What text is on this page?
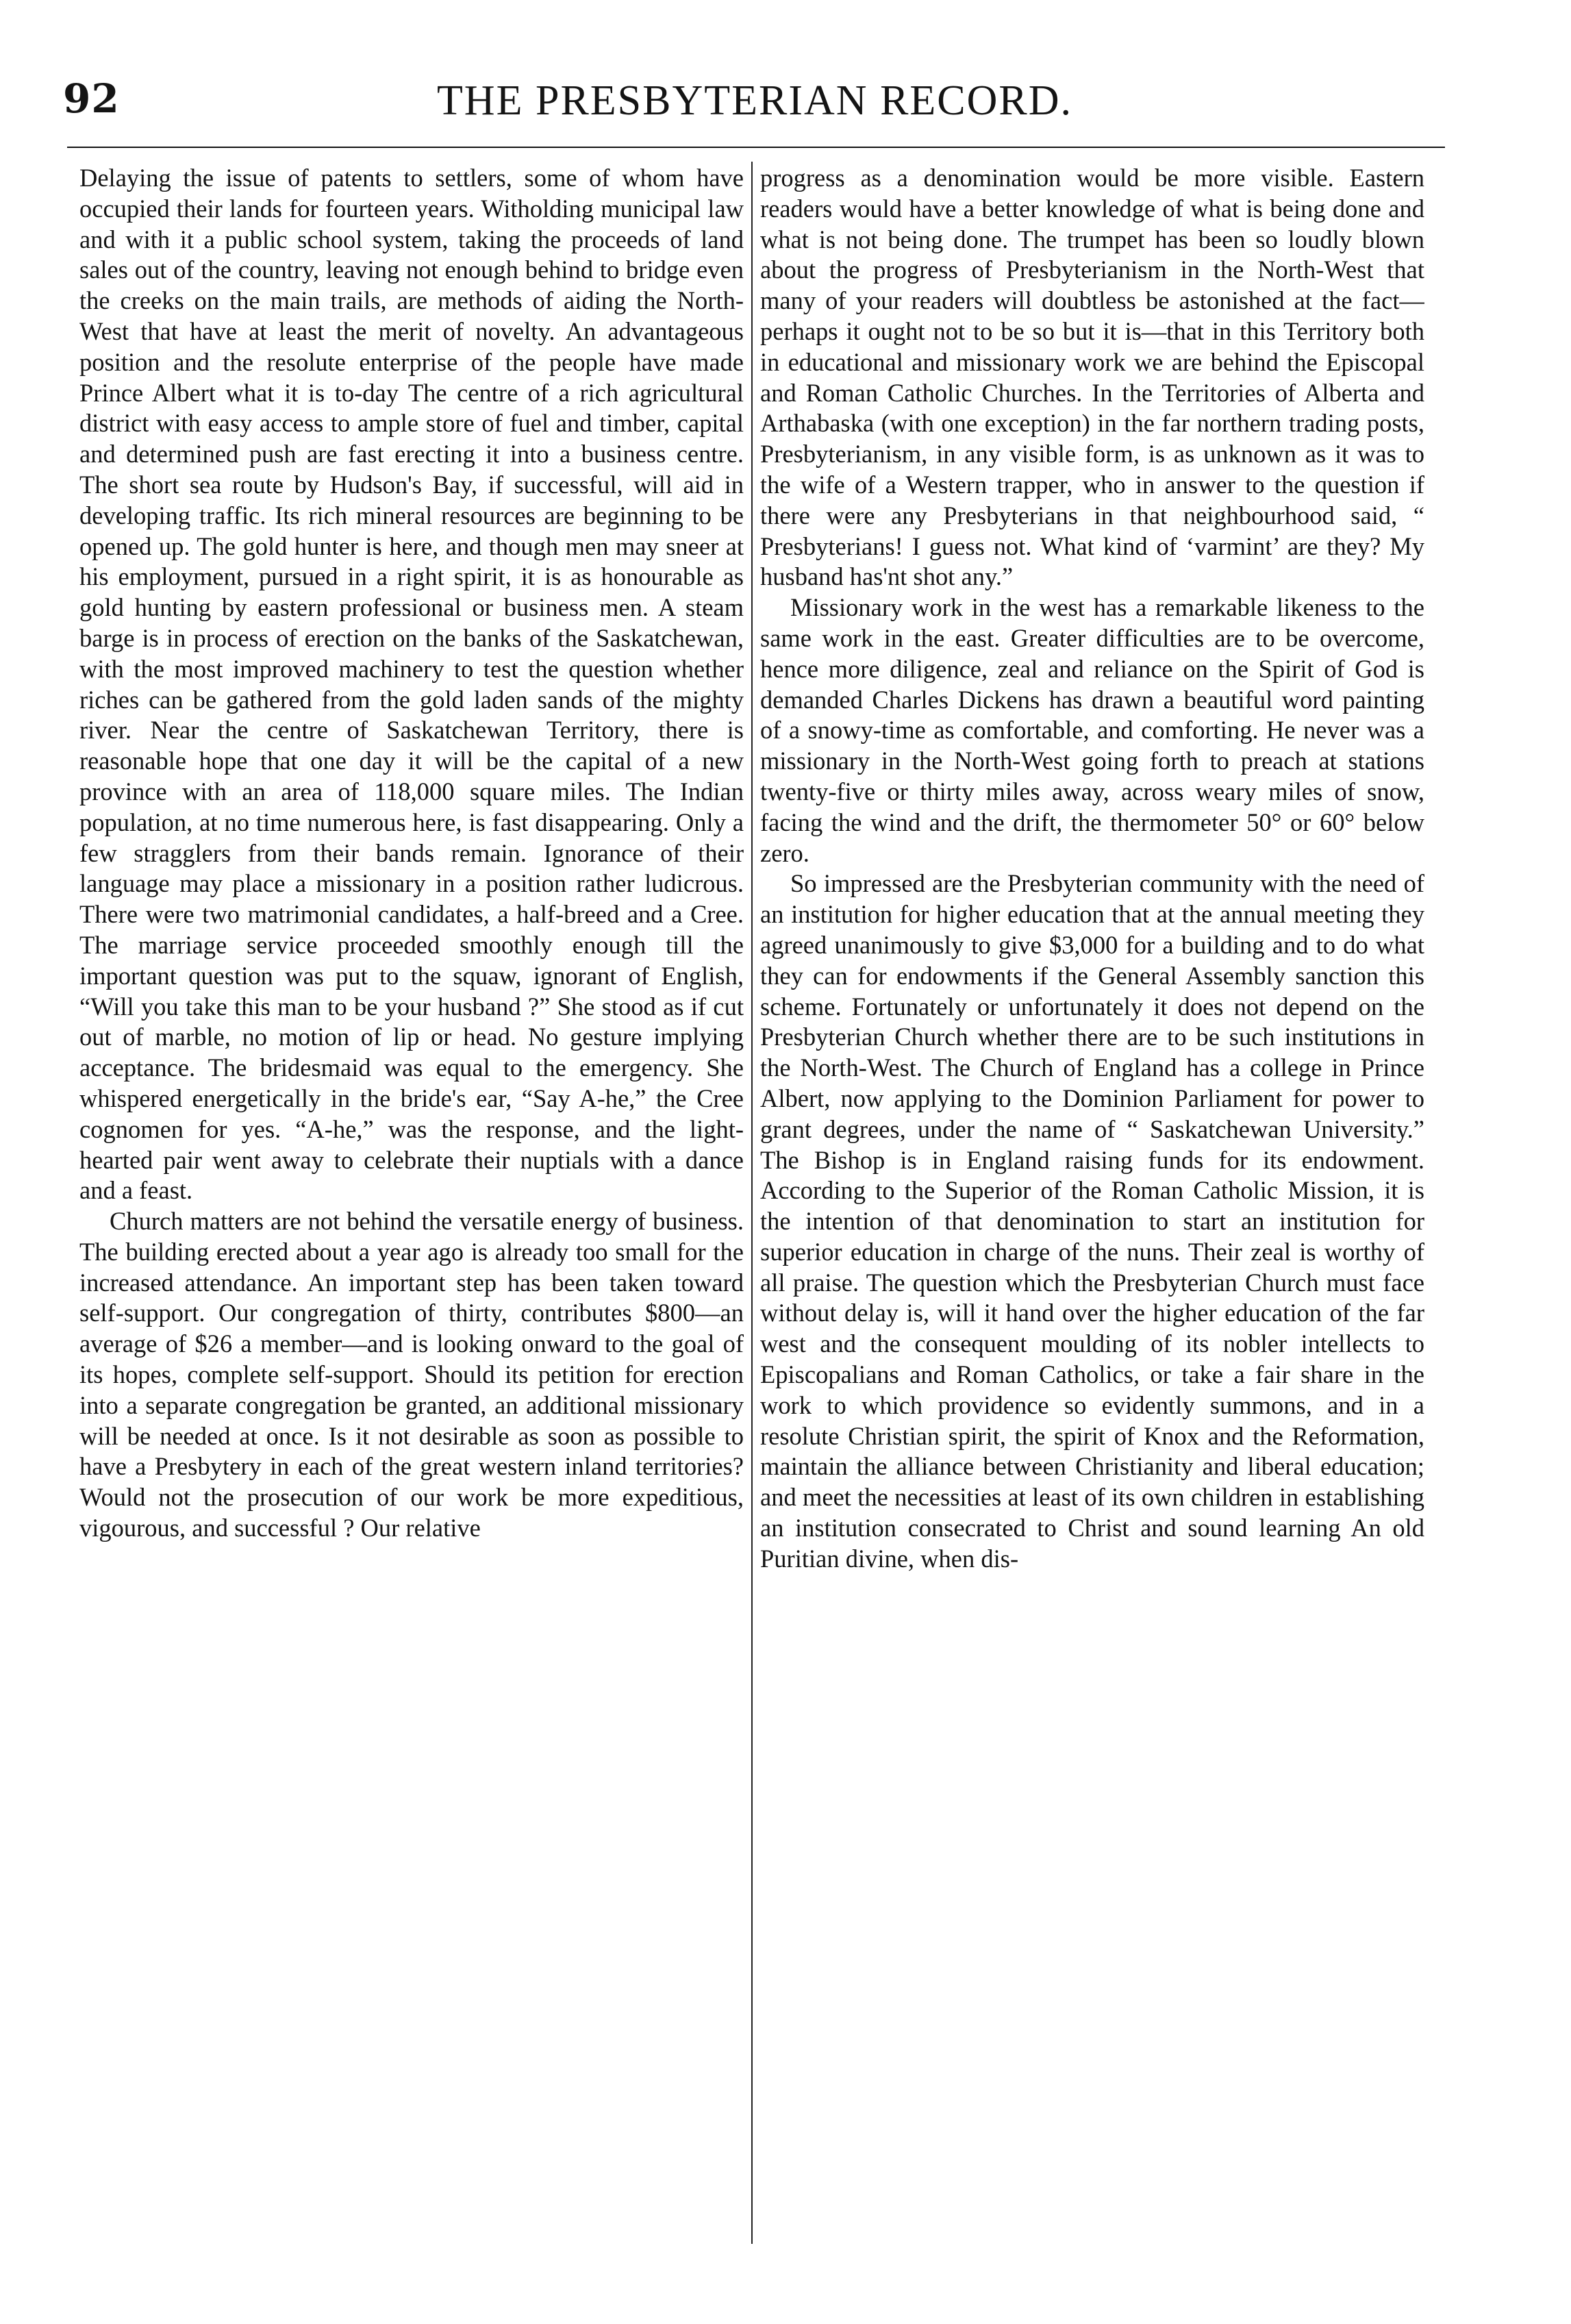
92	THE PRESBYTERIAN RECORD.

Delaying the issue of patents to settlers, some of whom have occupied their lands for fourteen years. Witholding municipal law and with it a public school system, taking the proceeds of land sales out of the country, leaving not enough behind to bridge even the creeks on the main trails, are methods of aiding the North-West that have at least the merit of novelty. An advantageous position and the resolute enterprise of the people have made Prince Albert what it is to-day The centre of a rich agricultural district with easy access to ample store of fuel and timber, capital and determined push are fast erecting it into a business centre. The short sea route by Hudson's Bay, if successful, will aid in developing traffic. Its rich mineral resources are beginning to be opened up. The gold hunter is here, and though men may sneer at his employment, pursued in a right spirit, it is as honourable as gold hunting by eastern professional or business men. A steam barge is in process of erection on the banks of the Saskatchewan, with the most improved machinery to test the question whether riches can be gathered from the gold laden sands of the mighty river. Near the centre of Saskatchewan Territory, there is reasonable hope that one day it will be the capital of a new province with an area of 118,000 square miles. The Indian population, at no time numerous here, is fast disappearing. Only a few stragglers from their bands remain. Ignorance of their language may place a missionary in a position rather ludicrous. There were two matrimonial candidates, a half-breed and a Cree. The marriage service proceeded smoothly enough till the important question was put to the squaw, ignorant of English, “Will you take this man to be your husband ?” She stood as if cut out of marble, no motion of lip or head. No gesture implying acceptance. The bridesmaid was equal to the emergency. She whispered energetically in the bride's ear, “Say A-he,” the Cree cognomen for yes. “A-he,” was the response, and the light-hearted pair went away to celebrate their nuptials with a dance and a feast.

Church matters are not behind the versatile energy of business. The building erected about a year ago is already too small for the increased attendance. An important step has been taken toward self-support. Our congregation of thirty, contributes $800—an average of $26 a member—and is looking onward to the goal of its hopes, complete self-support. Should its petition for erection into a separate congregation be granted, an additional missionary will be needed at once. Is it not desirable as soon as possible to have a Presbytery in each of the great western inland territories? Would not the prosecution of our work be more expeditious, vigourous, and successful ? Our relative

progress as a denomination would be more visible. Eastern readers would have a better knowledge of what is being done and what is not being done. The trumpet has been so loudly blown about the progress of Presbyterianism in the North-West that many of your readers will doubtless be astonished at the fact—perhaps it ought not to be so but it is—that in this Territory both in educational and missionary work we are behind the Episcopal and Roman Catholic Churches. In the Territories of Alberta and Arthabaska (with one exception) in the far northern trading posts, Presbyterianism, in any visible form, is as unknown as it was to the wife of a Western trapper, who in answer to the question if there were any Presbyterians in that neighbourhood said, “ Presbyterians! I guess not. What kind of ‘varmint’ are they? My husband has'nt shot any.”

Missionary work in the west has a remarkable likeness to the same work in the east. Greater difficulties are to be overcome, hence more diligence, zeal and reliance on the Spirit of God is demanded Charles Dickens has drawn a beautiful word painting of a snowy-time as comfortable, and comforting. He never was a missionary in the North-West going forth to preach at stations twenty-five or thirty miles away, across weary miles of snow, facing the wind and the drift, the thermometer 50° or 60° below zero.

So impressed are the Presbyterian community with the need of an institution for higher education that at the annual meeting they agreed unanimously to give $3,000 for a building and to do what they can for endowments if the General Assembly sanction this scheme. Fortunately or unfortunately it does not depend on the Presbyterian Church whether there are to be such institutions in the North-West. The Church of England has a college in Prince Albert, now applying to the Dominion Parliament for power to grant degrees, under the name of “ Saskatchewan University.” The Bishop is in England raising funds for its endowment. According to the Superior of the Roman Catholic Mission, it is the intention of that denomination to start an institution for superior education in charge of the nuns. Their zeal is worthy of all praise. The question which the Presbyterian Church must face without delay is, will it hand over the higher education of the far west and the consequent moulding of its nobler intellects to Episcopalians and Roman Catholics, or take a fair share in the work to which providence so evidently summons, and in a resolute Christian spirit, the spirit of Knox and the Reformation, maintain the alliance between Christianity and liberal education; and meet the necessities at least of its own children in establishing an institution consecrated to Christ and sound learning An old Puritian divine, when dis-
